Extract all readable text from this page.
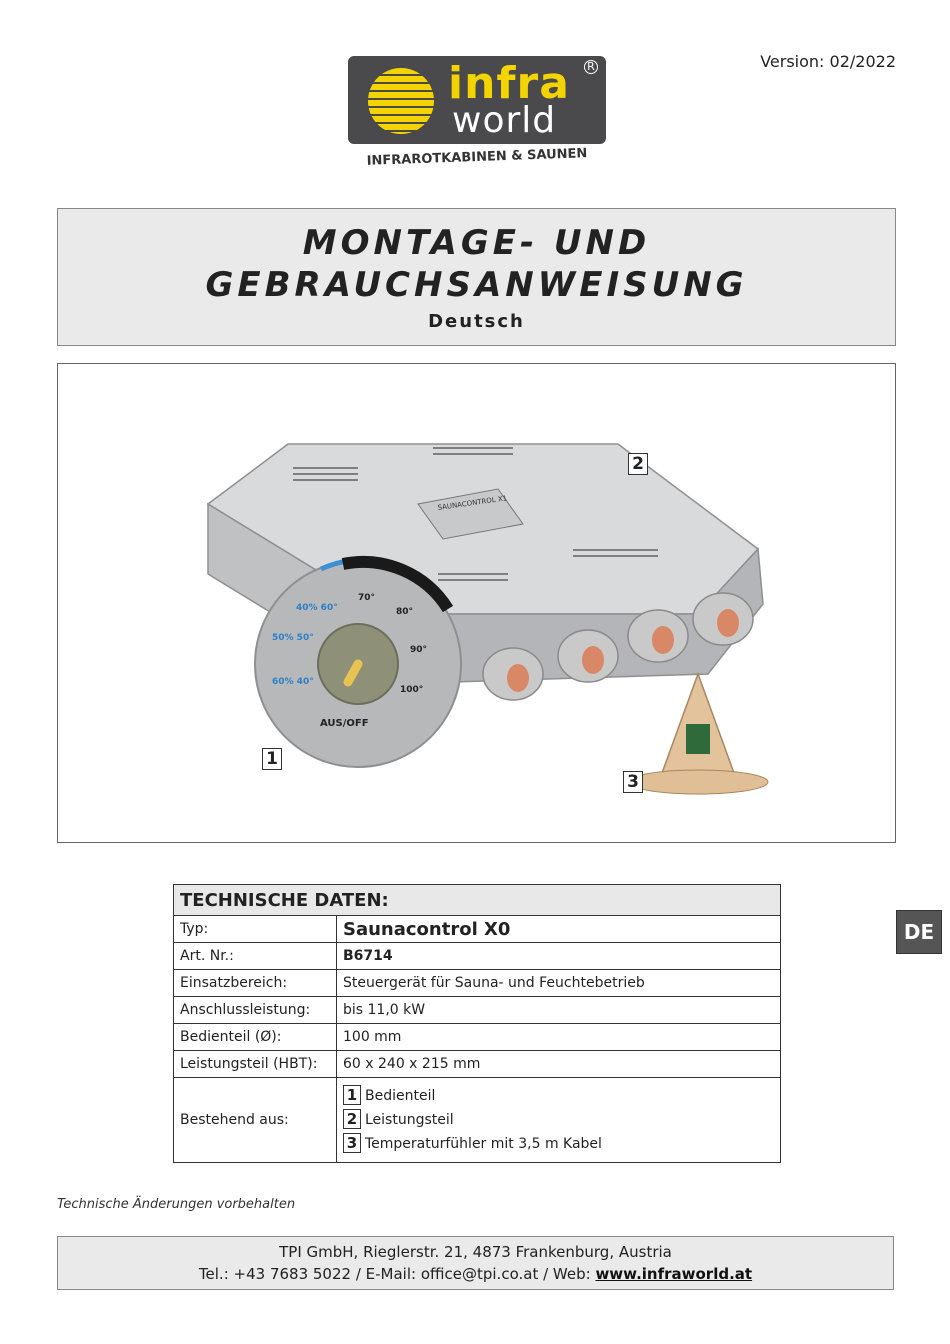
Version: 02/2022
infra
world
R
INFRAROTKABINEN & SAUNEN
MONTAGE- UND
GEBRAUCHSANWEISUNG
Deutsch
SAUNACONTROL X1
70°
80°
90°
100°
AUS/OFF
40% 60°
50% 50°
60% 40°
1
2
3
TECHNISCHE DATEN:	
Typ:	Saunacontrol X0
Art. Nr.:	B6714
Einsatzbereich:	Steuergerät für Sauna- und Feuchtebetrieb
Anschlussleistung:	bis 11,0 kW
Bedienteil (Ø):	100 mm
Leistungsteil (HBT):	60 x 240 x 215 mm
Bestehend aus:	1 Bedienteil
2 Leistungsteil
3 Temperaturfühler mit 3,5 m Kabel
DE
Technische Änderungen vorbehalten
TPI GmbH, Rieglerstr. 21, 4873 Frankenburg, Austria
Tel.: +43 7683 5022 / E-Mail: office@tpi.co.at / Web: www.infraworld.at
